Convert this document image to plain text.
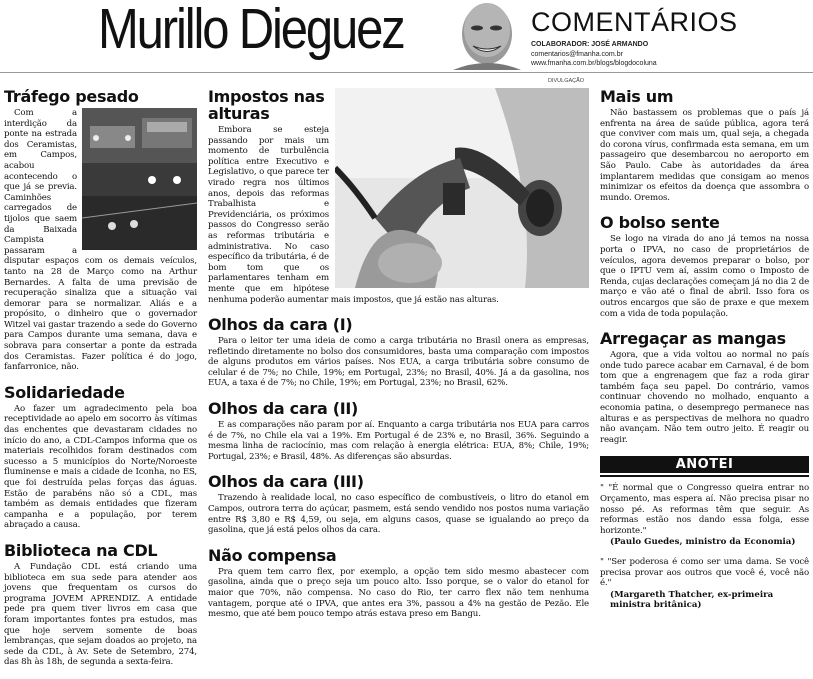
Murillo Dieguez	COMENTÁRIOS
COLABORADOR: JOSÉ ARMANDO
comentarios@fmanha.com.br
www.fmanha.com.br/blogs/blogdocoluna
DIVULGAÇÃO
Tráfego pesado

Com a interdição da ponte na estrada dos Ceramistas, em Campos, acabou acontecendo o que já se previa. Caminhões carregados de tijolos que saem da Baixada Campista passaram a disputar espaços com os demais veículos, tanto na 28 de Março como na Arthur Bernardes. A falta de uma previsão de recuperação sinaliza que a situação vai demorar para se normalizar. Aliás e a propósito, o dinheiro que o governador Witzel vai gastar trazendo a sede do Governo para Campos durante uma semana, dava e sobrava para consertar a ponte da estrada dos Ceramistas. Fazer política é do jogo, fanfarronice, não.

Solidariedade

Ao fazer um agradecimento pela boa receptividade ao apelo em socorro às vítimas das enchentes que devastaram cidades no início do ano, a CDL-Campos informa que os materiais recolhidos foram destinados com sucesso a 5 municípios do Norte/Noroeste fluminense e mais a cidade de Iconha, no ES, que foi destruída pelas forças das águas. Estão de parabéns não só a CDL, mas também as demais entidades que fizeram campanha e a população, por terem abraçado a causa.

Biblioteca na CDL

A Fundação CDL está criando uma biblioteca em sua sede para atender aos jovens que frequentam os cursos do programa JOVEM APRENDIZ. A entidade pede pra quem tiver livros em casa que foram importantes fontes pra estudos, mas que hoje servem somente de boas lembranças, que sejam doados ao projeto, na sede da CDL, à Av. Sete de Setembro, 274, das 8h às 18h, de segunda a sexta-feira.

Impostos nas alturas

Embora se esteja passando por mais um momento de turbulência política entre Executivo e Legislativo, o que parece ter virado regra nos últimos anos, depois das reformas Trabalhista e Previdenciária, os próximos passos do Congresso serão as reformas tributária e administrativa. No caso específico da tributária, é de bom tom que os parlamentares tenham em mente que em hipótese nenhuma poderão aumentar mais impostos, que já estão nas alturas.

Olhos da cara (I)

Para o leitor ter uma ideia de como a carga tributária no Brasil onera as empresas, refletindo diretamente no bolso dos consumidores, basta uma comparação com impostos de alguns produtos em vários países. Nos EUA, a carga tributária sobre consumo de celular é de 7%; no Chile, 19%; em Portugal, 23%; no Brasil, 40%. Já a da gasolina, nos EUA, a taxa é de 7%; no Chile, 19%; em Portugal, 23%; no Brasil, 62%.

Olhos da cara (II)

E as comparações não param por aí. Enquanto a carga tributária nos EUA para carros é de 7%, no Chile ela vai a 19%. Em Portugal é de 23% e, no Brasil, 36%. Seguindo a mesma linha de raciocínio, mas com relação à energia elétrica: EUA, 8%; Chile, 19%; Portugal, 23%; e Brasil, 48%. As diferenças são absurdas.

Olhos da cara (III)

Trazendo à realidade local, no caso específico de combustíveis, o litro do etanol em Campos, outrora terra do açúcar, pasmem, está sendo vendido nos postos numa variação entre R$ 3,80 e R$ 4,59, ou seja, em alguns casos, quase se igualando ao preço da gasolina, que já está pelos olhos da cara.

Não compensa

Pra quem tem carro flex, por exemplo, a opção tem sido mesmo abastecer com gasolina, ainda que o preço seja um pouco alto. Isso porque, se o valor do etanol for maior que 70%, não compensa. No caso do Rio, ter carro flex não tem nenhuma vantagem, porque até o IPVA, que antes era 3%, passou a 4% na gestão de Pezão. Ele mesmo, que até bem pouco tempo atrás estava preso em Bangu.

Mais um

Não bastassem os problemas que o país já enfrenta na área de saúde pública, agora terá que conviver com mais um, qual seja, a chegada do corona vírus, confirmada esta semana, em um passageiro que desembarcou no aeroporto em São Paulo. Cabe às autoridades da área implantarem medidas que consigam ao menos minimizar os efeitos da doença que assombra o mundo. Oremos.

O bolso sente

Se logo na virada do ano já temos na nossa porta o IPVA, no caso de proprietários de veículos, agora devemos preparar o bolso, por que o IPTU vem aí, assim como o Imposto de Renda, cujas declarações começam já no dia 2 de março e vão até o final de abril. Isso fora os outros encargos que são de praxe e que mexem com a vida de toda população.

Arregaçar as mangas

Agora, que a vida voltou ao normal no país onde tudo parece acabar em Carnaval, é de bom tom que a engrenagem que faz a roda girar também faça seu papel. Do contrário, vamos continuar chovendo no molhado, enquanto a economia patina, o desemprego permanece nas alturas e as perspectivas de melhora no quadro não avançam. Não tem outro jeito. É reagir ou reagir.

ANOTEI

" "É normal que o Congresso queira entrar no Orçamento, mas espera aí. Não precisa pisar no nosso pé. As reformas têm que seguir. As reformas estão nos dando essa folga, esse horizonte."

(Paulo Guedes, ministro da Economia)

" "Ser poderosa é como ser uma dama. Se você precisa provar aos outros que você é, você não é."

(Margareth Thatcher, ex-primeira ministra britânica)
